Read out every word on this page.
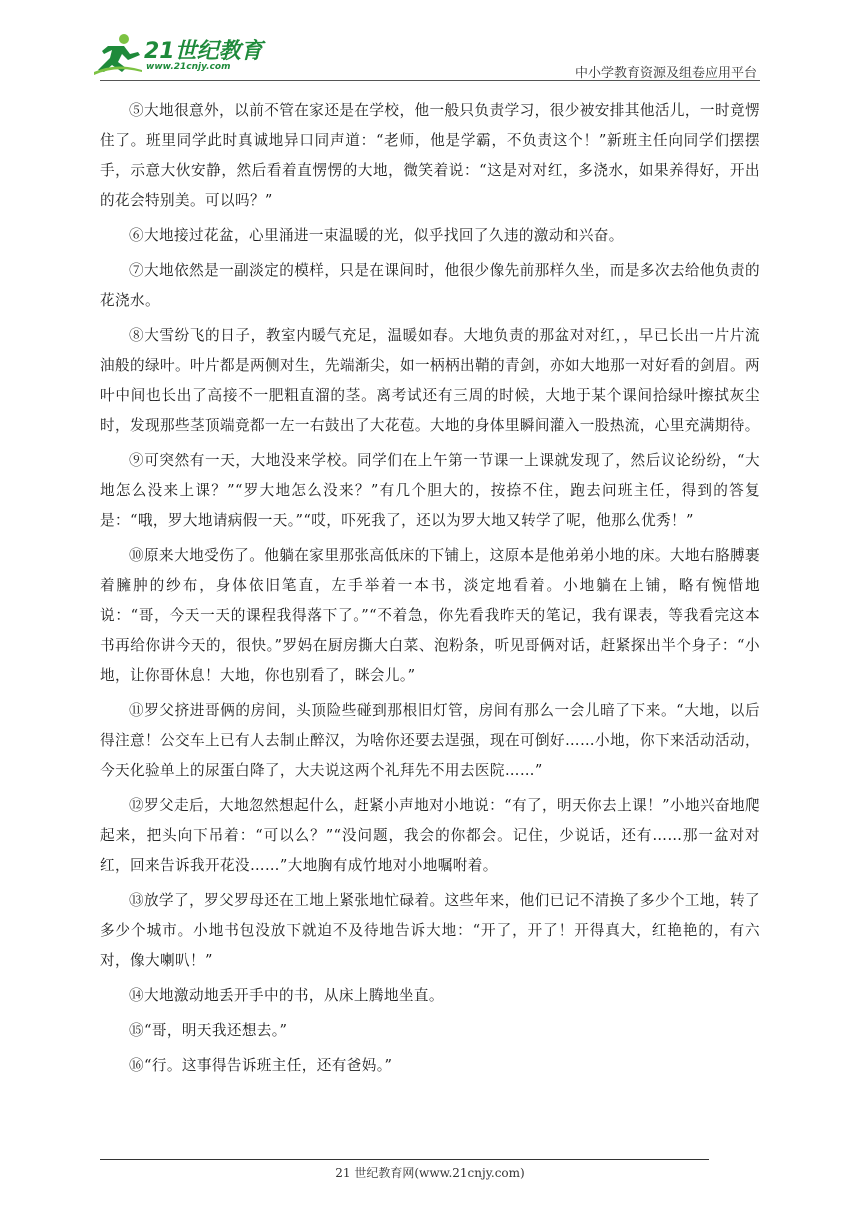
21世纪教育
www.21cnjy.com	中小学教育资源及组卷应用平台

⑤大地很意外，以前不管在家还是在学校，他一般只负责学习，很少被安排其他活儿，一时竟愣住了。班里同学此时真诚地异口同声道：“老师，他是学霸，不负责这个！”新班主任向同学们摆摆手，示意大伙安静，然后看着直愣愣的大地，微笑着说：“这是对对红，多浇水，如果养得好，开出的花会特别美。可以吗？”

⑥大地接过花盆，心里涌进一束温暖的光，似乎找回了久违的激动和兴奋。

⑦大地依然是一副淡定的模样，只是在课间时，他很少像先前那样久坐，而是多次去给他负责的花浇水。

⑧大雪纷飞的日子，教室内暖气充足，温暖如春。大地负责的那盆对对红，，早已长出一片片流油般的绿叶。叶片都是两侧对生，先端渐尖，如一柄柄出鞘的青剑，亦如大地那一对好看的剑眉。两叶中间也长出了高接不一肥粗直溜的茎。离考试还有三周的时候，大地于某个课间拾绿叶擦拭灰尘时，发现那些茎顶端竟都一左一右鼓出了大花苞。大地的身体里瞬间灌入一股热流，心里充满期待。

⑨可突然有一天，大地没来学校。同学们在上午第一节课一上课就发现了，然后议论纷纷，“大地怎么没来上课？”“罗大地怎么没来？”有几个胆大的，按捺不住，跑去问班主任，得到的答复是：“哦，罗大地请病假一天。”“哎，吓死我了，还以为罗大地又转学了呢，他那么优秀！”

⑩原来大地受伤了。他躺在家里那张高低床的下铺上，这原本是他弟弟小地的床。大地右胳膊裹着臃肿的纱布，身体依旧笔直，左手举着一本书，淡定地看着。小地躺在上铺，略有惋惜地说：“哥，今天一天的课程我得落下了。”“不着急，你先看我昨天的笔记，我有课表，等我看完这本书再给你讲今天的，很快。”罗妈在厨房撕大白菜、泡粉条，听见哥俩对话，赶紧探出半个身子：“小地，让你哥休息！大地，你也别看了，眯会儿。”

⑪罗父挤进哥俩的房间，头顶险些碰到那根旧灯管，房间有那么一会儿暗了下来。“大地，以后得注意！公交车上已有人去制止醉汉，为啥你还要去逞强，现在可倒好……小地，你下来活动活动，今天化验单上的尿蛋白降了，大夫说这两个礼拜先不用去医院……”

⑫罗父走后，大地忽然想起什么，赶紧小声地对小地说：“有了，明天你去上课！”小地兴奋地爬起来，把头向下吊着：“可以么？”“没问题，我会的你都会。记住，少说话，还有……那一盆对对红，回来告诉我开花没……”大地胸有成竹地对小地嘱咐着。

⑬放学了，罗父罗母还在工地上紧张地忙碌着。这些年来，他们已记不清换了多少个工地，转了多少个城市。小地书包没放下就迫不及待地告诉大地：“开了，开了！开得真大，红艳艳的，有六对，像大喇叭！”

⑭大地激动地丢开手中的书，从床上腾地坐直。

⑮“哥，明天我还想去。”

⑯“行。这事得告诉班主任，还有爸妈。”

21 世纪教育网(www.21cnjy.com)
